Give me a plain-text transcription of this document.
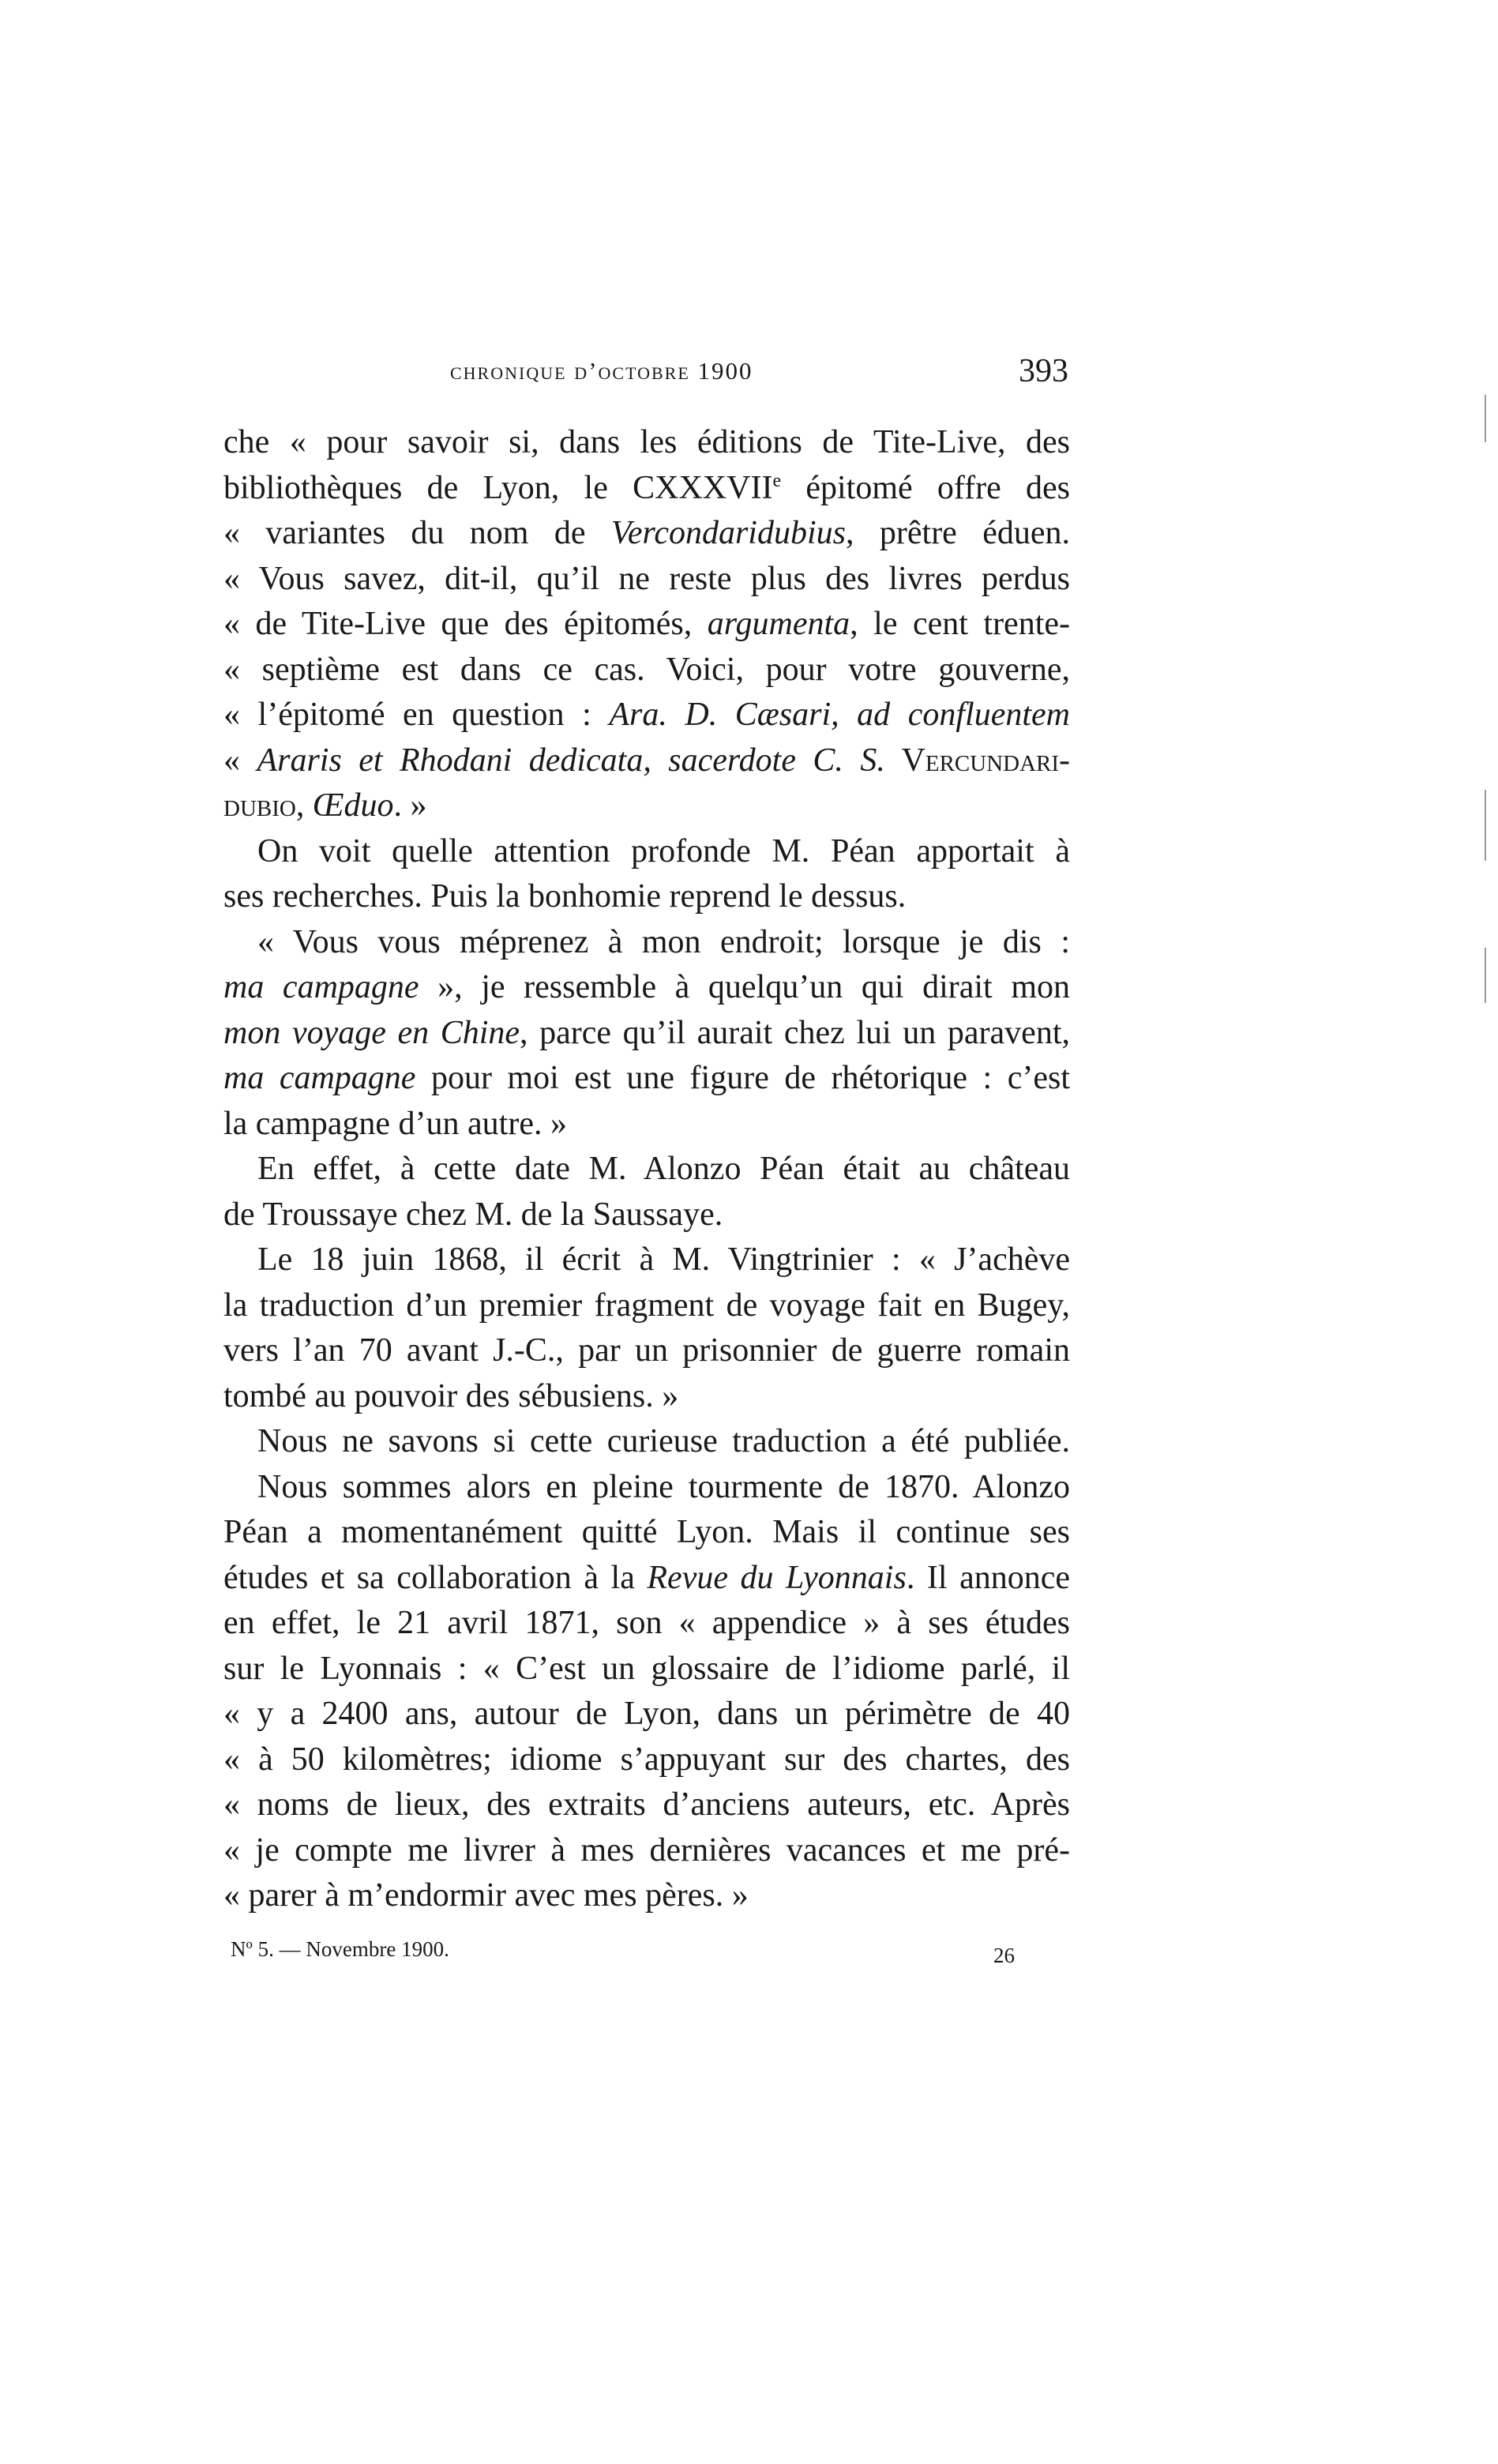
chronique d’octobre 1900	393
che « pour savoir si, dans les éditions de Tite-Live, des
bibliothèques de Lyon, le CXXXVIIe épitomé offre des
« variantes du nom de Vercondaridubius, prêtre éduen.
« Vous savez, dit-il, qu’il ne reste plus des livres perdus
« de Tite-Live que des épitomés, argumenta, le cent trente-
« septième est dans ce cas. Voici, pour votre gouverne,
« l’épitomé en question : Ara. D. Cæsari, ad confluentem
« Araris et Rhodani dedicata, sacerdote C. S. Vercundari-
dubio, Œduo. »
On voit quelle attention profonde M. Péan apportait à
ses recherches. Puis la bonhomie reprend le dessus.
« Vous vous méprenez à mon endroit; lorsque je dis :
ma campagne », je ressemble à quelqu’un qui dirait mon
mon voyage en Chine, parce qu’il aurait chez lui un paravent,
ma campagne pour moi est une figure de rhétorique : c’est
la campagne d’un autre. »
En effet, à cette date M. Alonzo Péan était au château
de Troussaye chez M. de la Saussaye.
Le 18 juin 1868, il écrit à M. Vingtrinier : « J’achève
la traduction d’un premier fragment de voyage fait en Bugey,
vers l’an 70 avant J.-C., par un prisonnier de guerre romain
tombé au pouvoir des sébusiens. »
Nous ne savons si cette curieuse traduction a été publiée.
Nous sommes alors en pleine tourmente de 1870. Alonzo
Péan a momentanément quitté Lyon. Mais il continue ses
études et sa collaboration à la Revue du Lyonnais. Il annonce
en effet, le 21 avril 1871, son « appendice » à ses études
sur le Lyonnais : « C’est un glossaire de l’idiome parlé, il
« y a 2400 ans, autour de Lyon, dans un périmètre de 40
« à 50 kilomètres; idiome s’appuyant sur des chartes, des
« noms de lieux, des extraits d’anciens auteurs, etc. Après
« je compte me livrer à mes dernières vacances et me pré-
« parer à m’endormir avec mes pères. »
Nº 5. — Novembre 1900.	26
